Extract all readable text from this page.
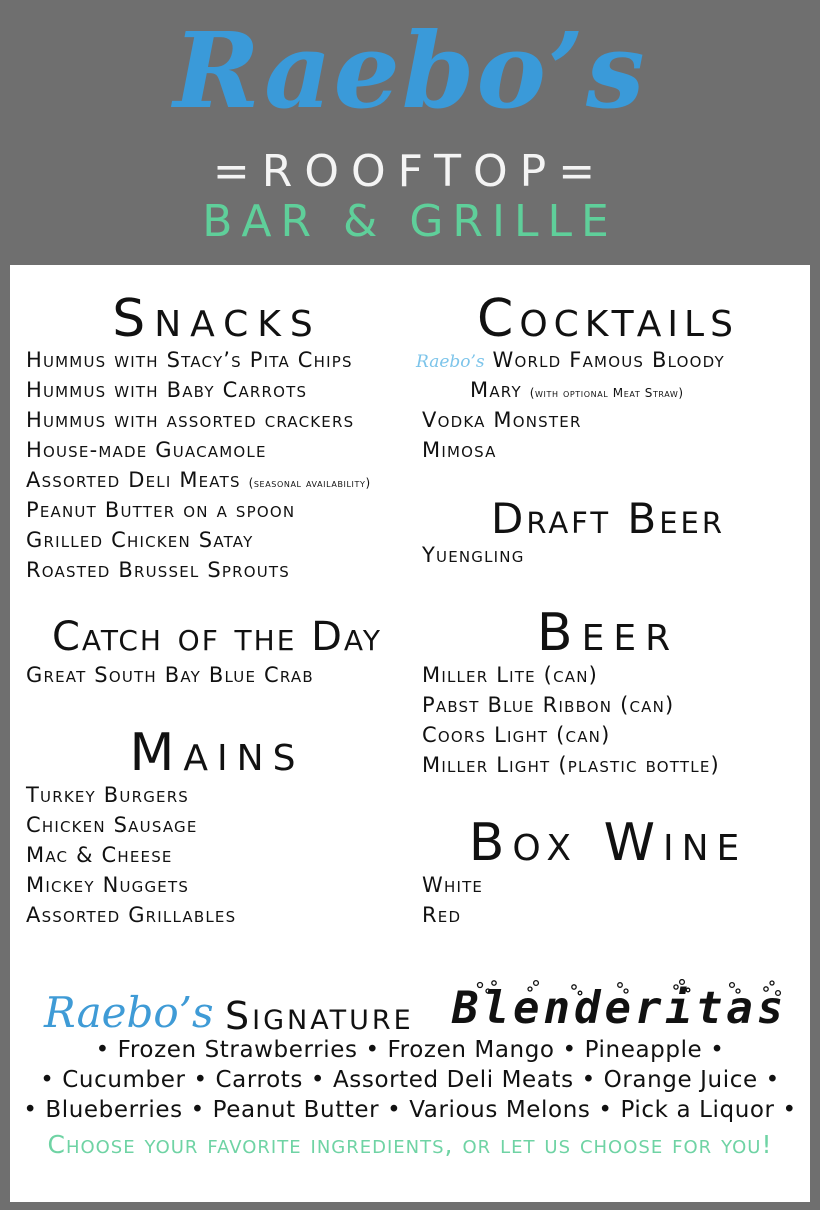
Raebo’s
=ROOFTOP=
BAR & GRILLE
Snacks
Hummus with Stacy’s Pita Chips
Hummus with Baby Carrots
Hummus with assorted crackers
House-made Guacamole
Assorted Deli Meats (seasonal availability)
Peanut Butter on a spoon
Grilled Chicken Satay
Roasted Brussel Sprouts
Catch of the Day
Great South Bay Blue Crab
Mains
Turkey Burgers
Chicken Sausage
Mac & Cheese
Mickey Nuggets
Assorted Grillables
Cocktails
Raebo’s World Famous Bloody
Mary (with optional Meat Straw)
Vodka Monster
Mimosa
Draft Beer
Yuengling
Beer
Miller Lite (can)
Pabst Blue Ribbon (can)
Coors Light (can)
Miller Light (plastic bottle)
Box Wine
White
Red
Raebo’s Signature Blenderitas
• Frozen Strawberries • Frozen Mango • Pineapple •
• Cucumber • Carrots • Assorted Deli Meats • Orange Juice •
• Blueberries • Peanut Butter • Various Melons • Pick a Liquor •
Choose your favorite ingredients, or let us choose for you!
